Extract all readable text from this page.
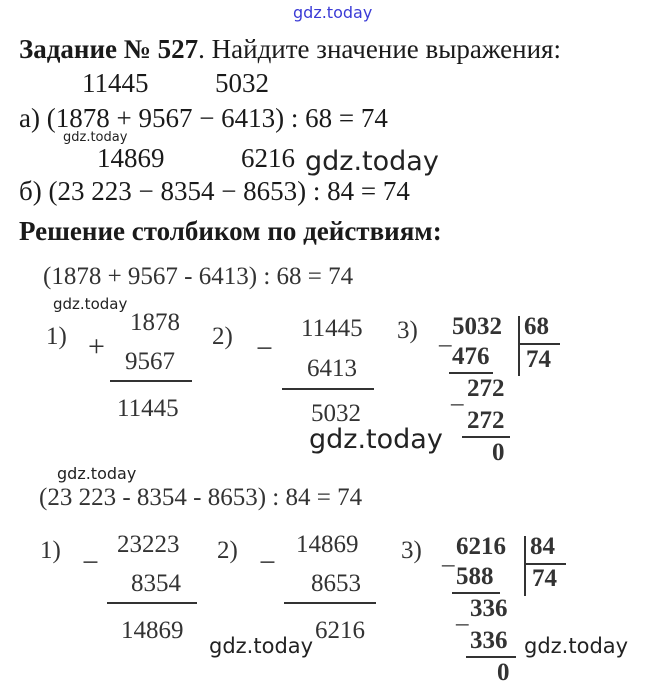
gdz.today
gdz.today
gdz.today
gdz.today
gdz.today
gdz.today
gdz.today	gdz.today
Задание № 527. Найдите значение выражения:
11445 5032
а) (1878 + 9567 − 6413) : 68 = 74
14869	6216
б) (23 223 − 8354 − 8653) : 84 = 74
Решение столбиком по действиям:
(1878 + 9567 - 6413) : 68 = 74
1) +
1878
9567
11445
2) −
11445
6413
5032
3) _ 5032 68
74
476
_ 272
272
0
(23 223 - 8354 - 8653) : 84 = 74
1) −
23223
8354
14869
2) −
14869
8653
6216
3) _ 6216 84
74
588
_ 336
336
0
